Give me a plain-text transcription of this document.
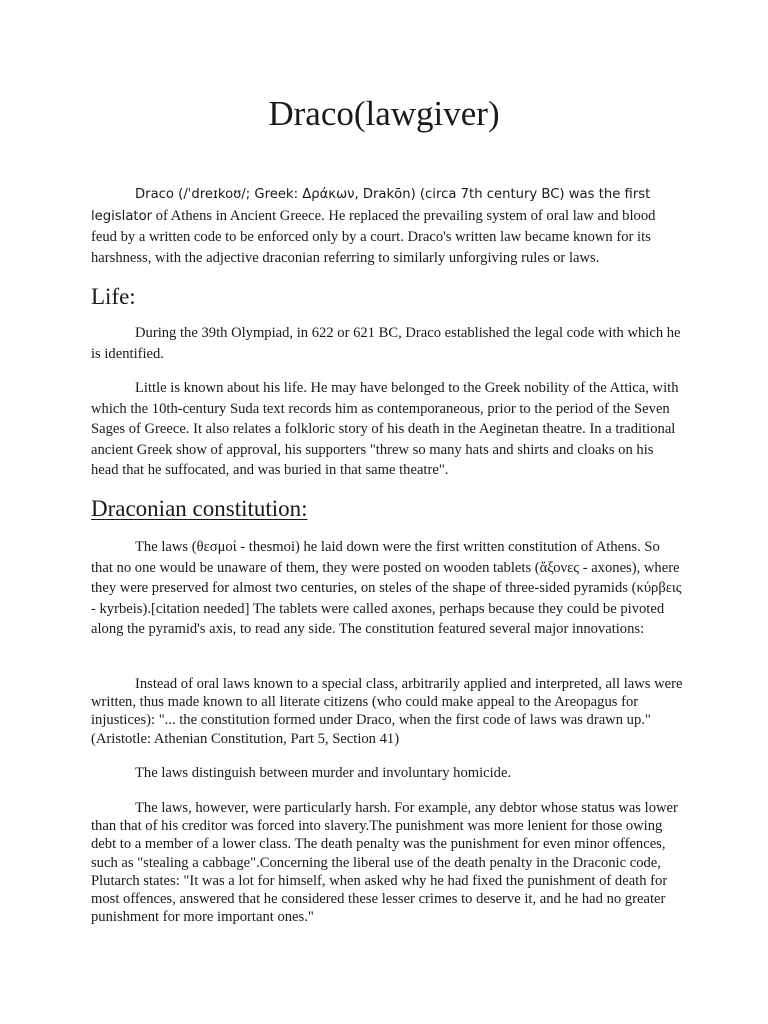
Draco(lawgiver)

Draco (/ˈdreɪkoʊ/; Greek: Δράκων, Drakōn) (circa 7th century BC) was the first legislator of Athens in Ancient Greece. He replaced the prevailing system of oral law and blood feud by a written code to be enforced only by a court. Draco's written law became known for its harshness, with the adjective draconian referring to similarly unforgiving rules or laws.

Life:

During the 39th Olympiad, in 622 or 621 BC, Draco established the legal code with which he is identified.

Little is known about his life. He may have belonged to the Greek nobility of the Attica, with which the 10th-century Suda text records him as contemporaneous, prior to the period of the Seven Sages of Greece. It also relates a folkloric story of his death in the Aeginetan theatre. In a traditional ancient Greek show of approval, his supporters "threw so many hats and shirts and cloaks on his head that he suffocated, and was buried in that same theatre".

Draconian constitution:

The laws (θεσμοί - thesmoi) he laid down were the first written constitution of Athens. So that no one would be unaware of them, they were posted on wooden tablets (ἄξονες - axones), where they were preserved for almost two centuries, on steles of the shape of three-sided pyramids (κύρβεις - kyrbeis).[citation needed] The tablets were called axones, perhaps because they could be pivoted along the pyramid's axis, to read any side. The constitution featured several major innovations:

Instead of oral laws known to a special class, arbitrarily applied and interpreted, all laws were written, thus made known to all literate citizens (who could make appeal to the Areopagus for injustices): "... the constitution formed under Draco, when the first code of laws was drawn up." (Aristotle: Athenian Constitution, Part 5, Section 41)

The laws distinguish between murder and involuntary homicide.

The laws, however, were particularly harsh. For example, any debtor whose status was lower than that of his creditor was forced into slavery.The punishment was more lenient for those owing debt to a member of a lower class. The death penalty was the punishment for even minor offences, such as "stealing a cabbage".Concerning the liberal use of the death penalty in the Draconic code, Plutarch states: "It was a lot for himself, when asked why he had fixed the punishment of death for most offences, answered that he considered these lesser crimes to deserve it, and he had no greater punishment for more important ones."
